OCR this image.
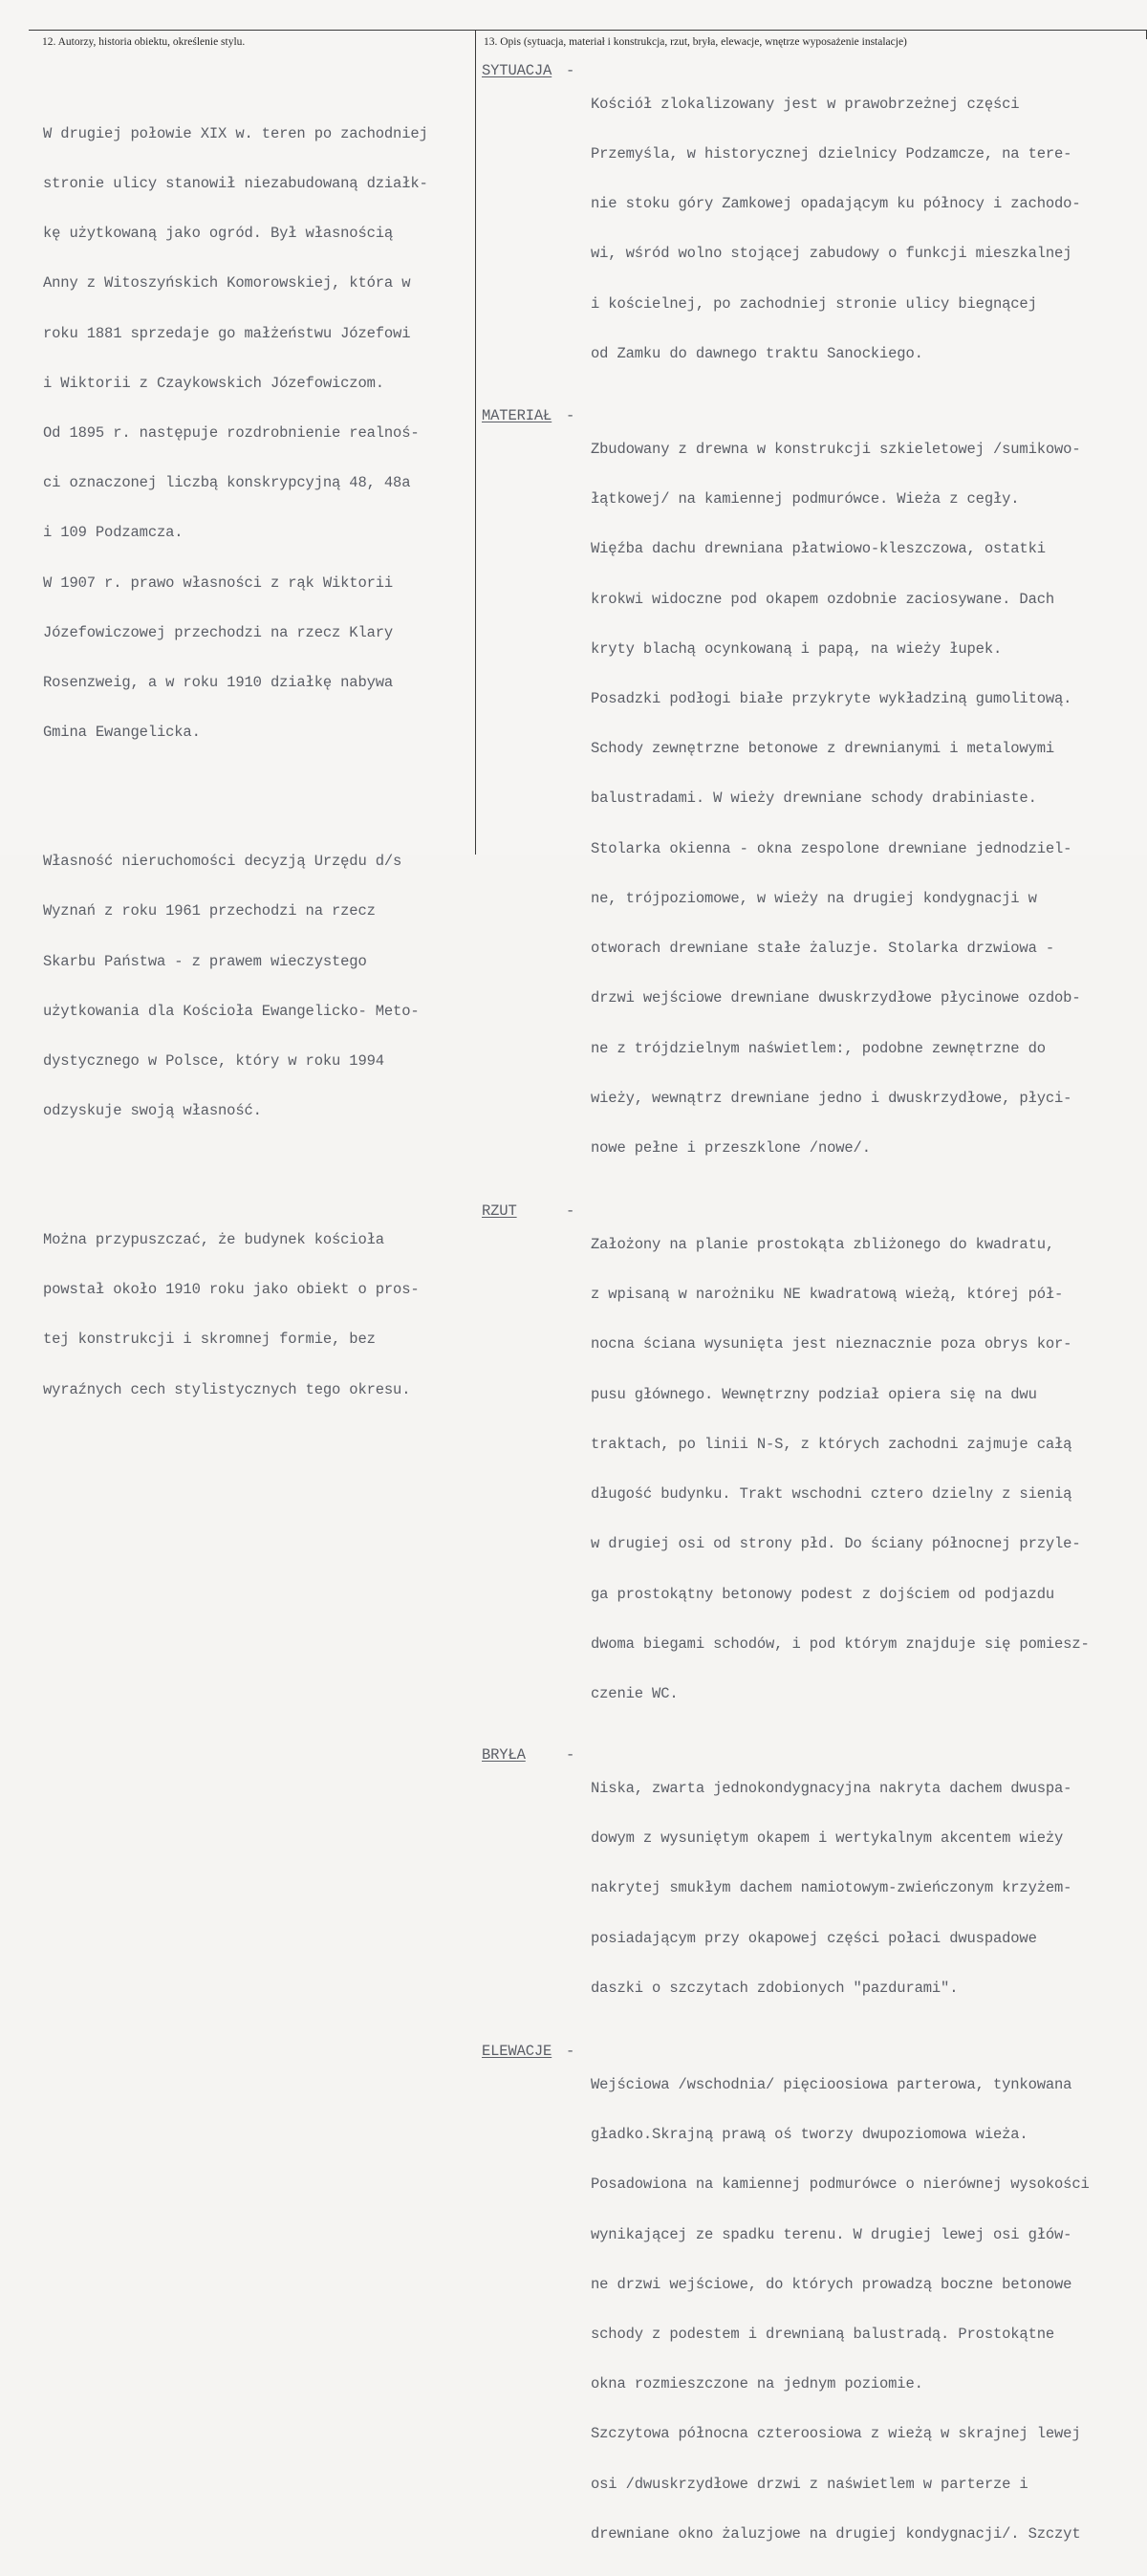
12. Autorzy, historia obiektu, określenie stylu.	13. Opis (sytuacja, materiał i konstrukcja, rzut, bryła, elewacje, wnętrze wyposażenie instalacje)

W drugiej połowie XIX w. teren po zachodniej

stronie ulicy stanowił niezabudowaną działk-

kę użytkowaną jako ogród. Był własnością

Anny z Witoszyńskich Komorowskiej, która w

roku 1881 sprzedaje go małżeństwu Józefowi

i Wiktorii z Czaykowskich Józefowiczom.

Od 1895 r. następuje rozdrobnienie realnoś-

ci oznaczonej liczbą konskrypcyjną 48, 48a

i 109 Podzamcza.

W 1907 r. prawo własności z rąk Wiktorii

Józefowiczowej przechodzi na rzecz Klary

Rosenzweig, a w roku 1910 działkę nabywa

Gmina Ewangelicka.

Własność nieruchomości decyzją Urzędu d/s

Wyznań z roku 1961 przechodzi na rzecz

Skarbu Państwa - z prawem wieczystego

użytkowania dla Kościoła Ewangelicko- Meto-

dystycznego w Polsce, który w roku 1994

odzyskuje swoją własność.

Można przypuszczać, że budynek kościoła

powstał około 1910 roku jako obiekt o pros-

tej konstrukcji i skromnej formie, bez

wyraźnych cech stylistycznych tego okresu.

SYTUACJA -

Kościół zlokalizowany jest w prawobrzeżnej części

Przemyśla, w historycznej dzielnicy Podzamcze, na tere-

nie stoku góry Zamkowej opadającym ku północy i zachodo-

wi, wśród wolno stojącej zabudowy o funkcji mieszkalnej

i kościelnej, po zachodniej stronie ulicy biegnącej

od Zamku do dawnego traktu Sanockiego.

MATERIAŁ -

Zbudowany z drewna w konstrukcji szkieletowej /sumikowo-

łątkowej/ na kamiennej podmurówce. Wieża z cegły.

Więźba dachu drewniana płatwiowo-kleszczowa, ostatki

krokwi widoczne pod okapem ozdobnie zaciosywane. Dach

kryty blachą ocynkowaną i papą, na wieży łupek.

Posadzki podłogi białe przykryte wykładziną gumolitową.

Schody zewnętrzne betonowe z drewnianymi i metalowymi

balustradami. W wieży drewniane schody drabiniaste.

Stolarka okienna - okna zespolone drewniane jednodziel-

ne, trójpoziomowe, w wieży na drugiej kondygnacji w

otworach drewniane stałe żaluzje. Stolarka drzwiowa -

drzwi wejściowe drewniane dwuskrzydłowe płycinowe ozdob-

ne z trójdzielnym naświetlem:, podobne zewnętrzne do

wieży, wewnątrz drewniane jedno i dwuskrzydłowe, płyci-

nowe pełne i przeszklone /nowe/.

RZUT	-

Założony na planie prostokąta zbliżonego do kwadratu,

z wpisaną w narożniku NE kwadratową wieżą, której pół-

nocna ściana wysunięta jest nieznacznie poza obrys kor-

pusu głównego. Wewnętrzny podział opiera się na dwu

traktach, po linii N-S, z których zachodni zajmuje całą

długość budynku. Trakt wschodni cztero dzielny z sienią

w drugiej osi od strony płd. Do ściany północnej przyle-

ga prostokątny betonowy podest z dojściem od podjazdu

dwoma biegami schodów, i pod którym znajduje się pomiesz-

czenie WC.

BRYŁA	-

Niska, zwarta jednokondygnacyjna nakryta dachem dwuspa-

dowym z wysuniętym okapem i wertykalnym akcentem wieży

nakrytej smukłym dachem namiotowym-zwieńczonym krzyżem-

posiadającym przy okapowej części połaci dwuspadowe

daszki o szczytach zdobionych "pazdurami".

ELEWACJE -

Wejściowa /wschodnia/ pięcioosiowa parterowa, tynkowana

gładko.Skrajną prawą oś tworzy dwupoziomowa wieża.

Posadowiona na kamiennej podmurówce o nierównej wysokości

wynikającej ze spadku terenu. W drugiej lewej osi głów-

ne drzwi wejściowe, do których prowadzą boczne betonowe

schody z podestem i drewnianą balustradą. Prostokątne

okna rozmieszczone na jednym poziomie.

Szczytowa północna czteroosiowa z wieżą w skrajnej lewej

osi /dwuskrzydłowe drzwi z naświetlem w parterze i

drewniane okno żaluzjowe na drugiej kondygnacji/. Szczyt
